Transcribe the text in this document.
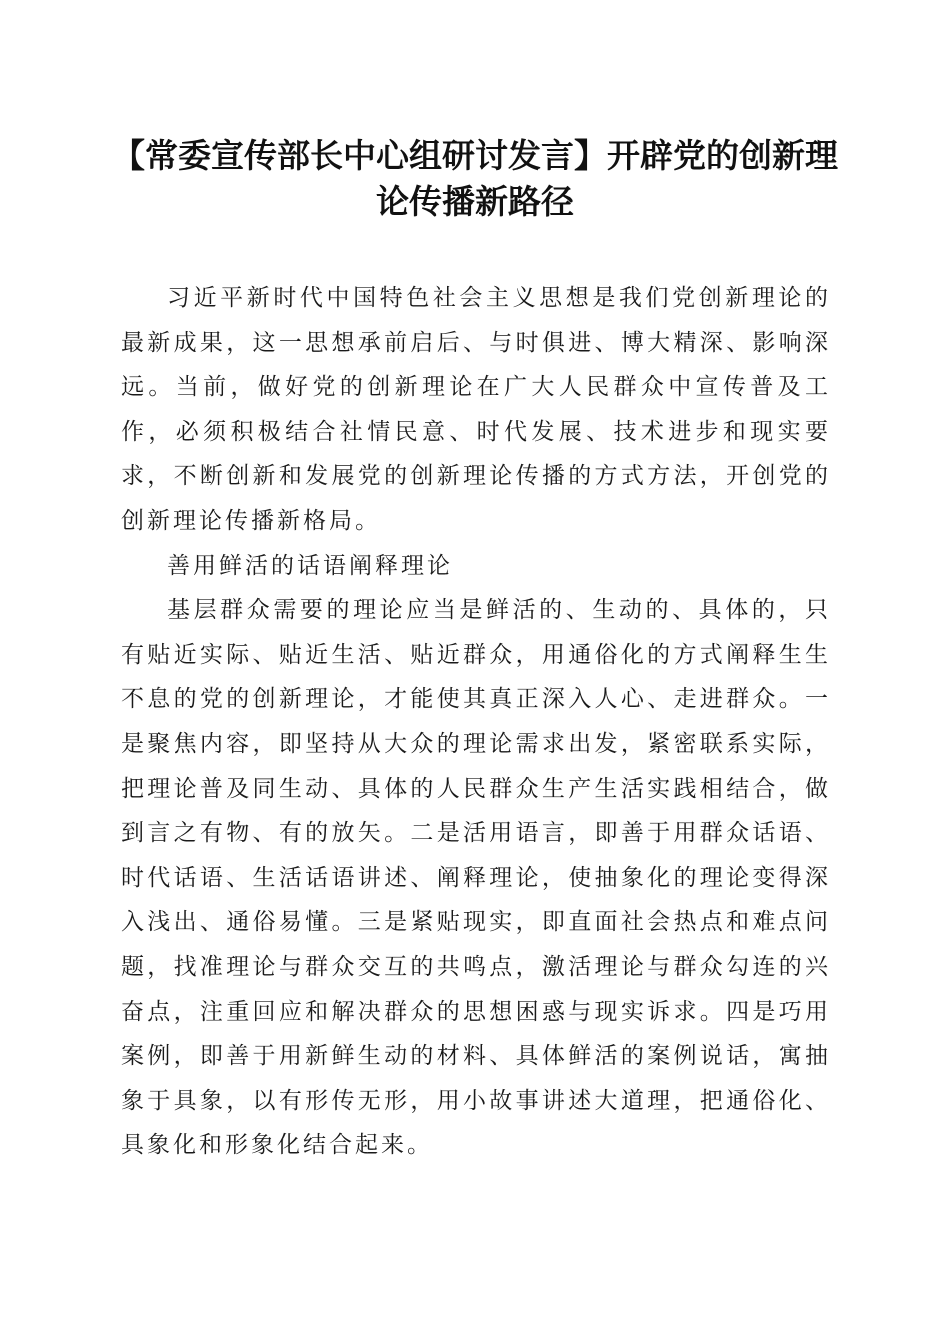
【常委宣传部长中心组研讨发言】开辟党的创新理论传播新路径

习近平新时代中国特色社会主义思想是我们党创新理论的最新成果，这一思想承前启后、与时俱进、博大精深、影响深远。当前，做好党的创新理论在广大人民群众中宣传普及工作，必须积极结合社情民意、时代发展、技术进步和现实要求，不断创新和发展党的创新理论传播的方式方法，开创党的创新理论传播新格局。

善用鲜活的话语阐释理论

基层群众需要的理论应当是鲜活的、生动的、具体的，只有贴近实际、贴近生活、贴近群众，用通俗化的方式阐释生生不息的党的创新理论，才能使其真正深入人心、走进群众。一是聚焦内容，即坚持从大众的理论需求出发，紧密联系实际，把理论普及同生动、具体的人民群众生产生活实践相结合，做到言之有物、有的放矢。二是活用语言，即善于用群众话语、时代话语、生活话语讲述、阐释理论，使抽象化的理论变得深入浅出、通俗易懂。三是紧贴现实，即直面社会热点和难点问题，找准理论与群众交互的共鸣点，激活理论与群众勾连的兴奋点，注重回应和解决群众的思想困惑与现实诉求。四是巧用案例，即善于用新鲜生动的材料、具体鲜活的案例说话，寓抽象于具象，以有形传无形，用小故事讲述大道理，把通俗化、具象化和形象化结合起来。
